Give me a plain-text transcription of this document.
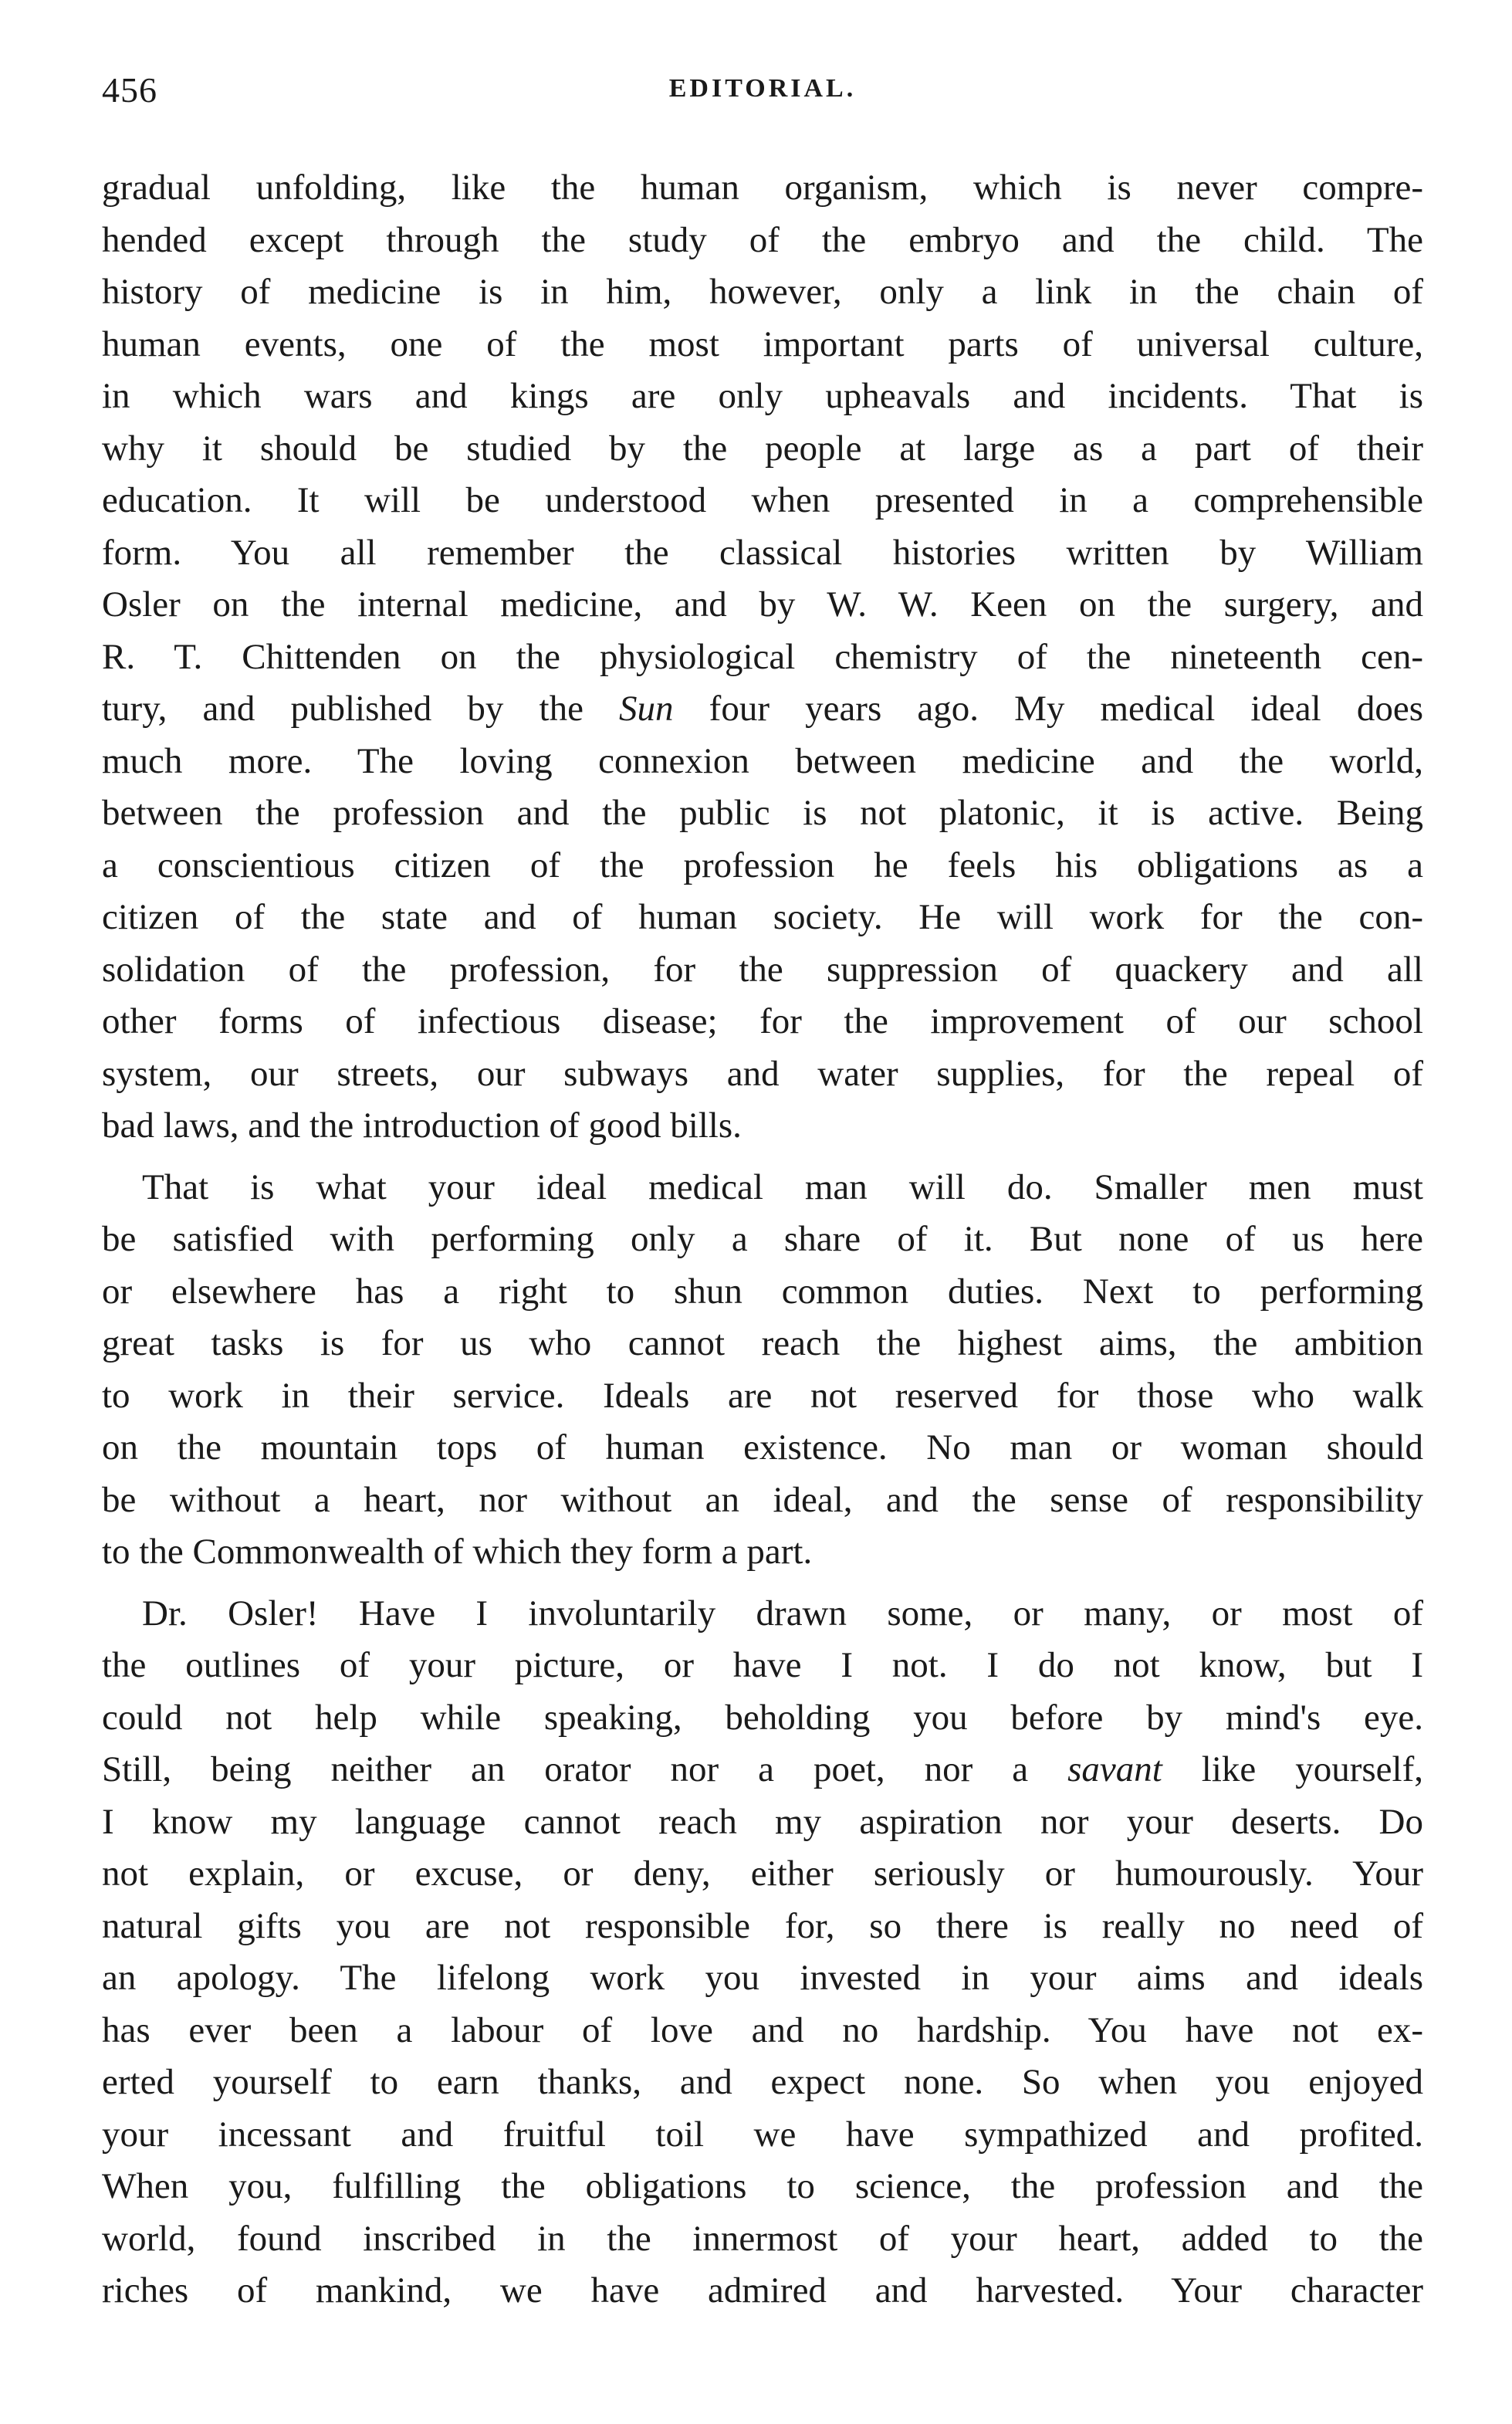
456	EDITORIAL.

gradual unfolding, like the human organism, which is never compre-
hended except through the study of the embryo and the child. The
history of medicine is in him, however, only a link in the chain of
human events, one of the most important parts of universal culture,
in which wars and kings are only upheavals and incidents. That is
why it should be studied by the people at large as a part of their
education. It will be understood when presented in a comprehensible
form. You all remember the classical histories written by William
Osler on the internal medicine, and by W. W. Keen on the surgery, and
R. T. Chittenden on the physiological chemistry of the nineteenth cen-
tury, and published by the Sun four years ago. My medical ideal does
much more. The loving connexion between medicine and the world,
between the profession and the public is not platonic, it is active. Being
a conscientious citizen of the profession he feels his obligations as a
citizen of the state and of human society. He will work for the con-
solidation of the profession, for the suppression of quackery and all
other forms of infectious disease; for the improvement of our school
system, our streets, our subways and water supplies, for the repeal of
bad laws, and the introduction of good bills.

That is what your ideal medical man will do. Smaller men must
be satisfied with performing only a share of it. But none of us here
or elsewhere has a right to shun common duties. Next to performing
great tasks is for us who cannot reach the highest aims, the ambition
to work in their service. Ideals are not reserved for those who walk
on the mountain tops of human existence. No man or woman should
be without a heart, nor without an ideal, and the sense of responsibility
to the Commonwealth of which they form a part.

Dr. Osler! Have I involuntarily drawn some, or many, or most of
the outlines of your picture, or have I not. I do not know, but I
could not help while speaking, beholding you before by mind's eye.
Still, being neither an orator nor a poet, nor a savant like yourself,
I know my language cannot reach my aspiration nor your deserts. Do
not explain, or excuse, or deny, either seriously or humourously. Your
natural gifts you are not responsible for, so there is really no need of
an apology. The lifelong work you invested in your aims and ideals
has ever been a labour of love and no hardship. You have not ex-
erted yourself to earn thanks, and expect none. So when you enjoyed
your incessant and fruitful toil we have sympathized and profited.
When you, fulfilling the obligations to science, the profession and the
world, found inscribed in the innermost of your heart, added to the
riches of mankind, we have admired and harvested. Your character
